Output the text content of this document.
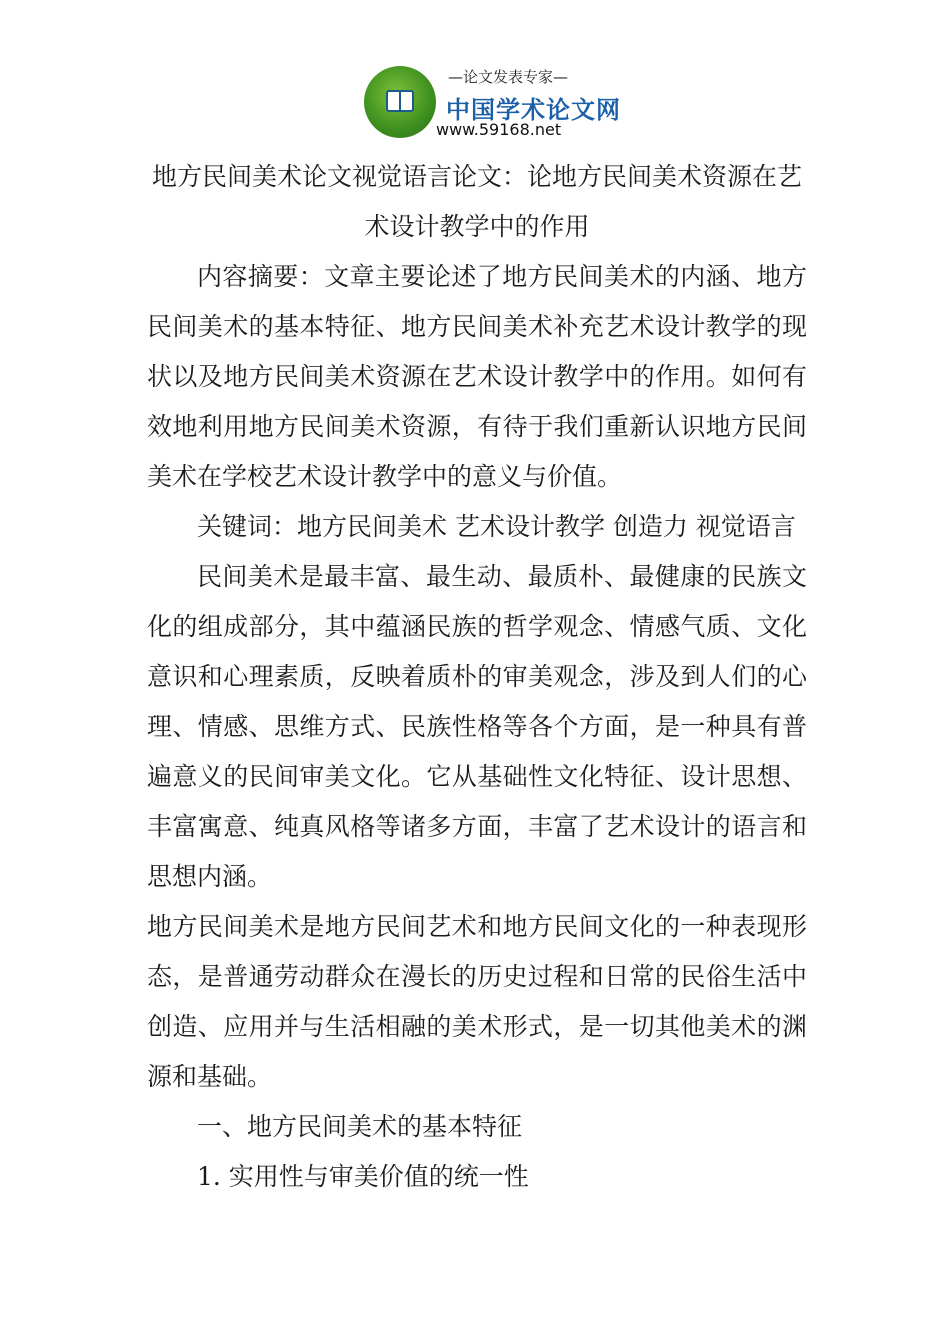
—论文发表专家—
中国学术论文网
www.59168.net
地方民间美术论文视觉语言论文：论地方民间美术资源在艺术设计教学中的作用

内容摘要：文章主要论述了地方民间美术的内涵、地方民间美术的基本特征、地方民间美术补充艺术设计教学的现状以及地方民间美术资源在艺术设计教学中的作用。如何有效地利用地方民间美术资源，有待于我们重新认识地方民间美术在学校艺术设计教学中的意义与价值。

关键词：地方民间美术 艺术设计教学 创造力 视觉语言

民间美术是最丰富、最生动、最质朴、最健康的民族文化的组成部分，其中蕴涵民族的哲学观念、情感气质、文化意识和心理素质，反映着质朴的审美观念，涉及到人们的心理、情感、思维方式、民族性格等各个方面，是一种具有普遍意义的民间审美文化。它从基础性文化特征、设计思想、丰富寓意、纯真风格等诸多方面，丰富了艺术设计的语言和思想内涵。

地方民间美术是地方民间艺术和地方民间文化的一种表现形态，是普通劳动群众在漫长的历史过程和日常的民俗生活中创造、应用并与生活相融的美术形式，是一切其他美术的渊源和基础。

一、地方民间美术的基本特征

1. 实用性与审美价值的统一性
